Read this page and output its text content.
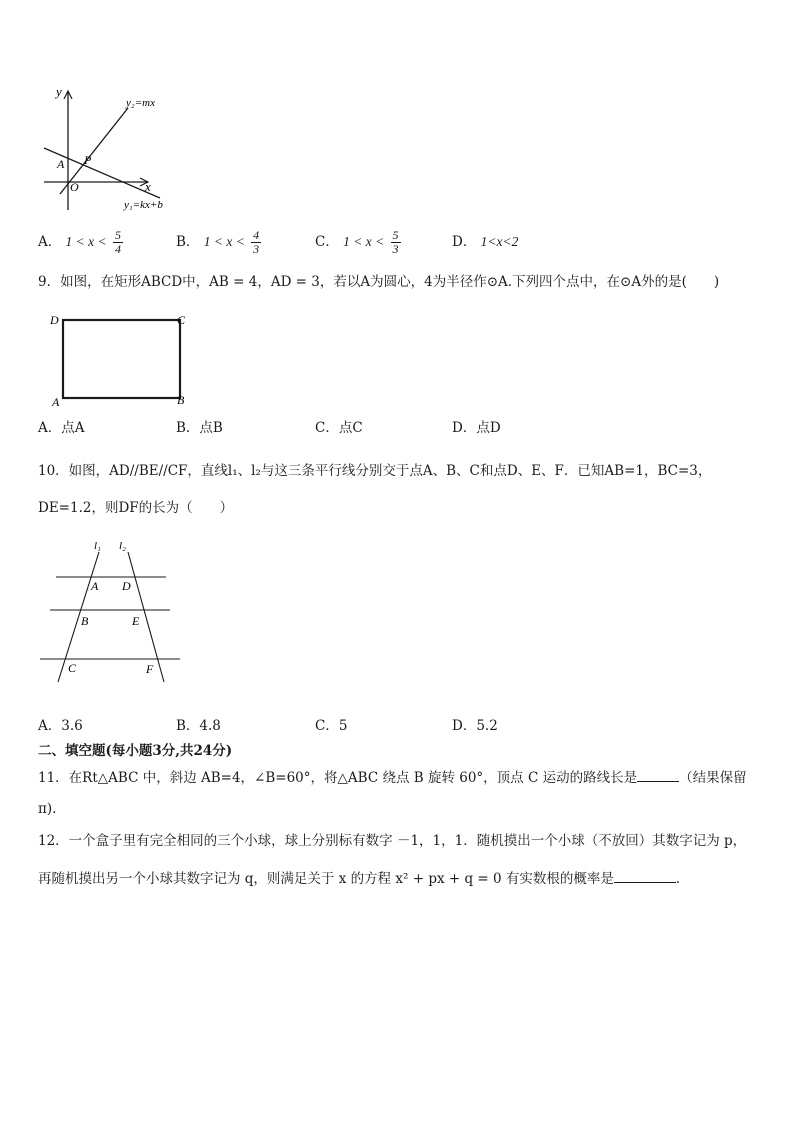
y
x
O
A P
y₂=mx
y₁=kx+b
A． $1 < x < \frac{5}{4}$	B． $1 < x < \frac{4}{3}$	C． $1 < x < \frac{5}{3}$	D． 1<x<2
9．如图，在矩形ABCD中，AB = 4，AD = 3，若以A为圆心，4为半径作⊙A.下列四个点中，在⊙A外的是(　　)
D	C
A	B
A．点A	B．点B	C．点C	D．点D
10．如图，AD//BE//CF，直线l₁、l₂与这三条平行线分别交于点A、B、C和点D、E、F．已知AB=1，BC=3，
DE=1.2，则DF的长为（　　）
l₁ l₂
A D
B	E
C	F
A．3.6	B．4.8	C．5	D．5.2
二、填空题(每小题3分,共24分)
11．在Rt△ABC 中，斜边 AB=4，∠B=60°，将△ABC 绕点 B 旋转 60°，顶点 C 运动的路线长是	（结果保留
π).
12．一个盒子里有完全相同的三个小球，球上分别标有数字 －1，1，1．随机摸出一个小球（不放回）其数字记为 p，
再随机摸出另一个小球其数字记为 q，则满足关于 x 的方程 x² + px + q = 0 有实数根的概率是	．
